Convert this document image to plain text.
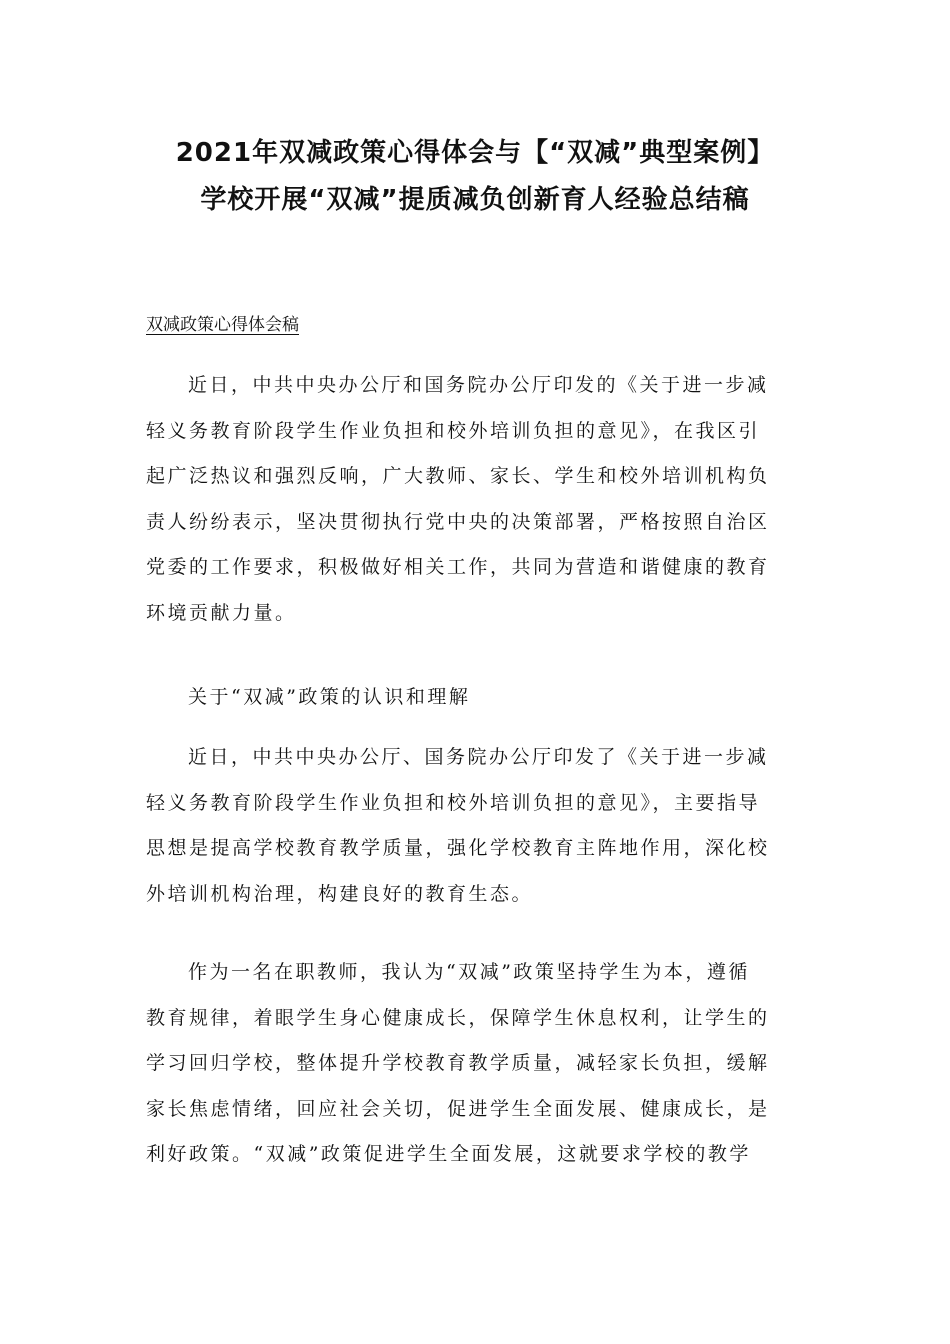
2021年双减政策心得体会与【“双减”典型案例】
学校开展“双减”提质减负创新育人经验总结稿
双减政策心得体会稿
近日，中共中央办公厅和国务院办公厅印发的《关于进一步减
轻义务教育阶段学生作业负担和校外培训负担的意见》，在我区引
起广泛热议和强烈反响，广大教师、家长、学生和校外培训机构负
责人纷纷表示，坚决贯彻执行党中央的决策部署，严格按照自治区
党委的工作要求，积极做好相关工作，共同为营造和谐健康的教育
环境贡献力量。
关于“双减”政策的认识和理解
近日，中共中央办公厅、国务院办公厅印发了《关于进一步减
轻义务教育阶段学生作业负担和校外培训负担的意见》，主要指导
思想是提高学校教育教学质量，强化学校教育主阵地作用，深化校
外培训机构治理，构建良好的教育生态。
作为一名在职教师，我认为“双减”政策坚持学生为本，遵循
教育规律，着眼学生身心健康成长，保障学生休息权利，让学生的
学习回归学校，整体提升学校教育教学质量，减轻家长负担，缓解
家长焦虑情绪，回应社会关切，促进学生全面发展、健康成长，是
利好政策。“双减”政策促进学生全面发展，这就要求学校的教学
